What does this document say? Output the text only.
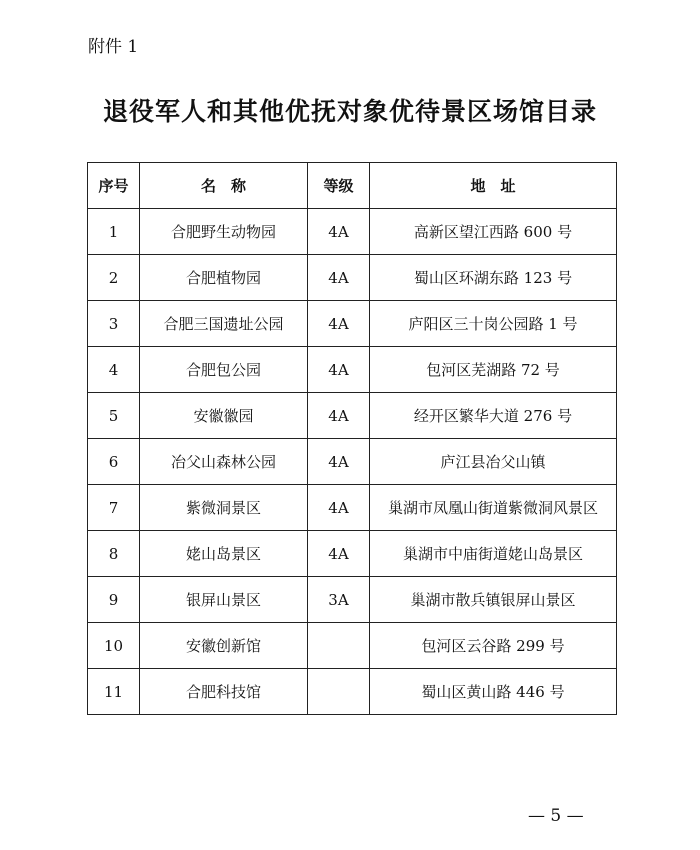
附件 1
退役军人和其他优抚对象优待景区场馆目录
序号	名　称	等级	地　址
1	合肥野生动物园	4A	高新区望江西路 600 号
2	合肥植物园	4A	蜀山区环湖东路 123 号
3	合肥三国遗址公园	4A	庐阳区三十岗公园路 1 号
4	合肥包公园	4A	包河区芜湖路 72 号
5	安徽徽园	4A	经开区繁华大道 276 号
6	冶父山森林公园	4A	庐江县冶父山镇
7	紫微洞景区	4A	巢湖市凤凰山街道紫微洞风景区
8	姥山岛景区	4A	巢湖市中庙街道姥山岛景区
9	银屏山景区	3A	巢湖市散兵镇银屏山景区
10	安徽创新馆		包河区云谷路 299 号
11	合肥科技馆		蜀山区黄山路 446 号
— 5 —
